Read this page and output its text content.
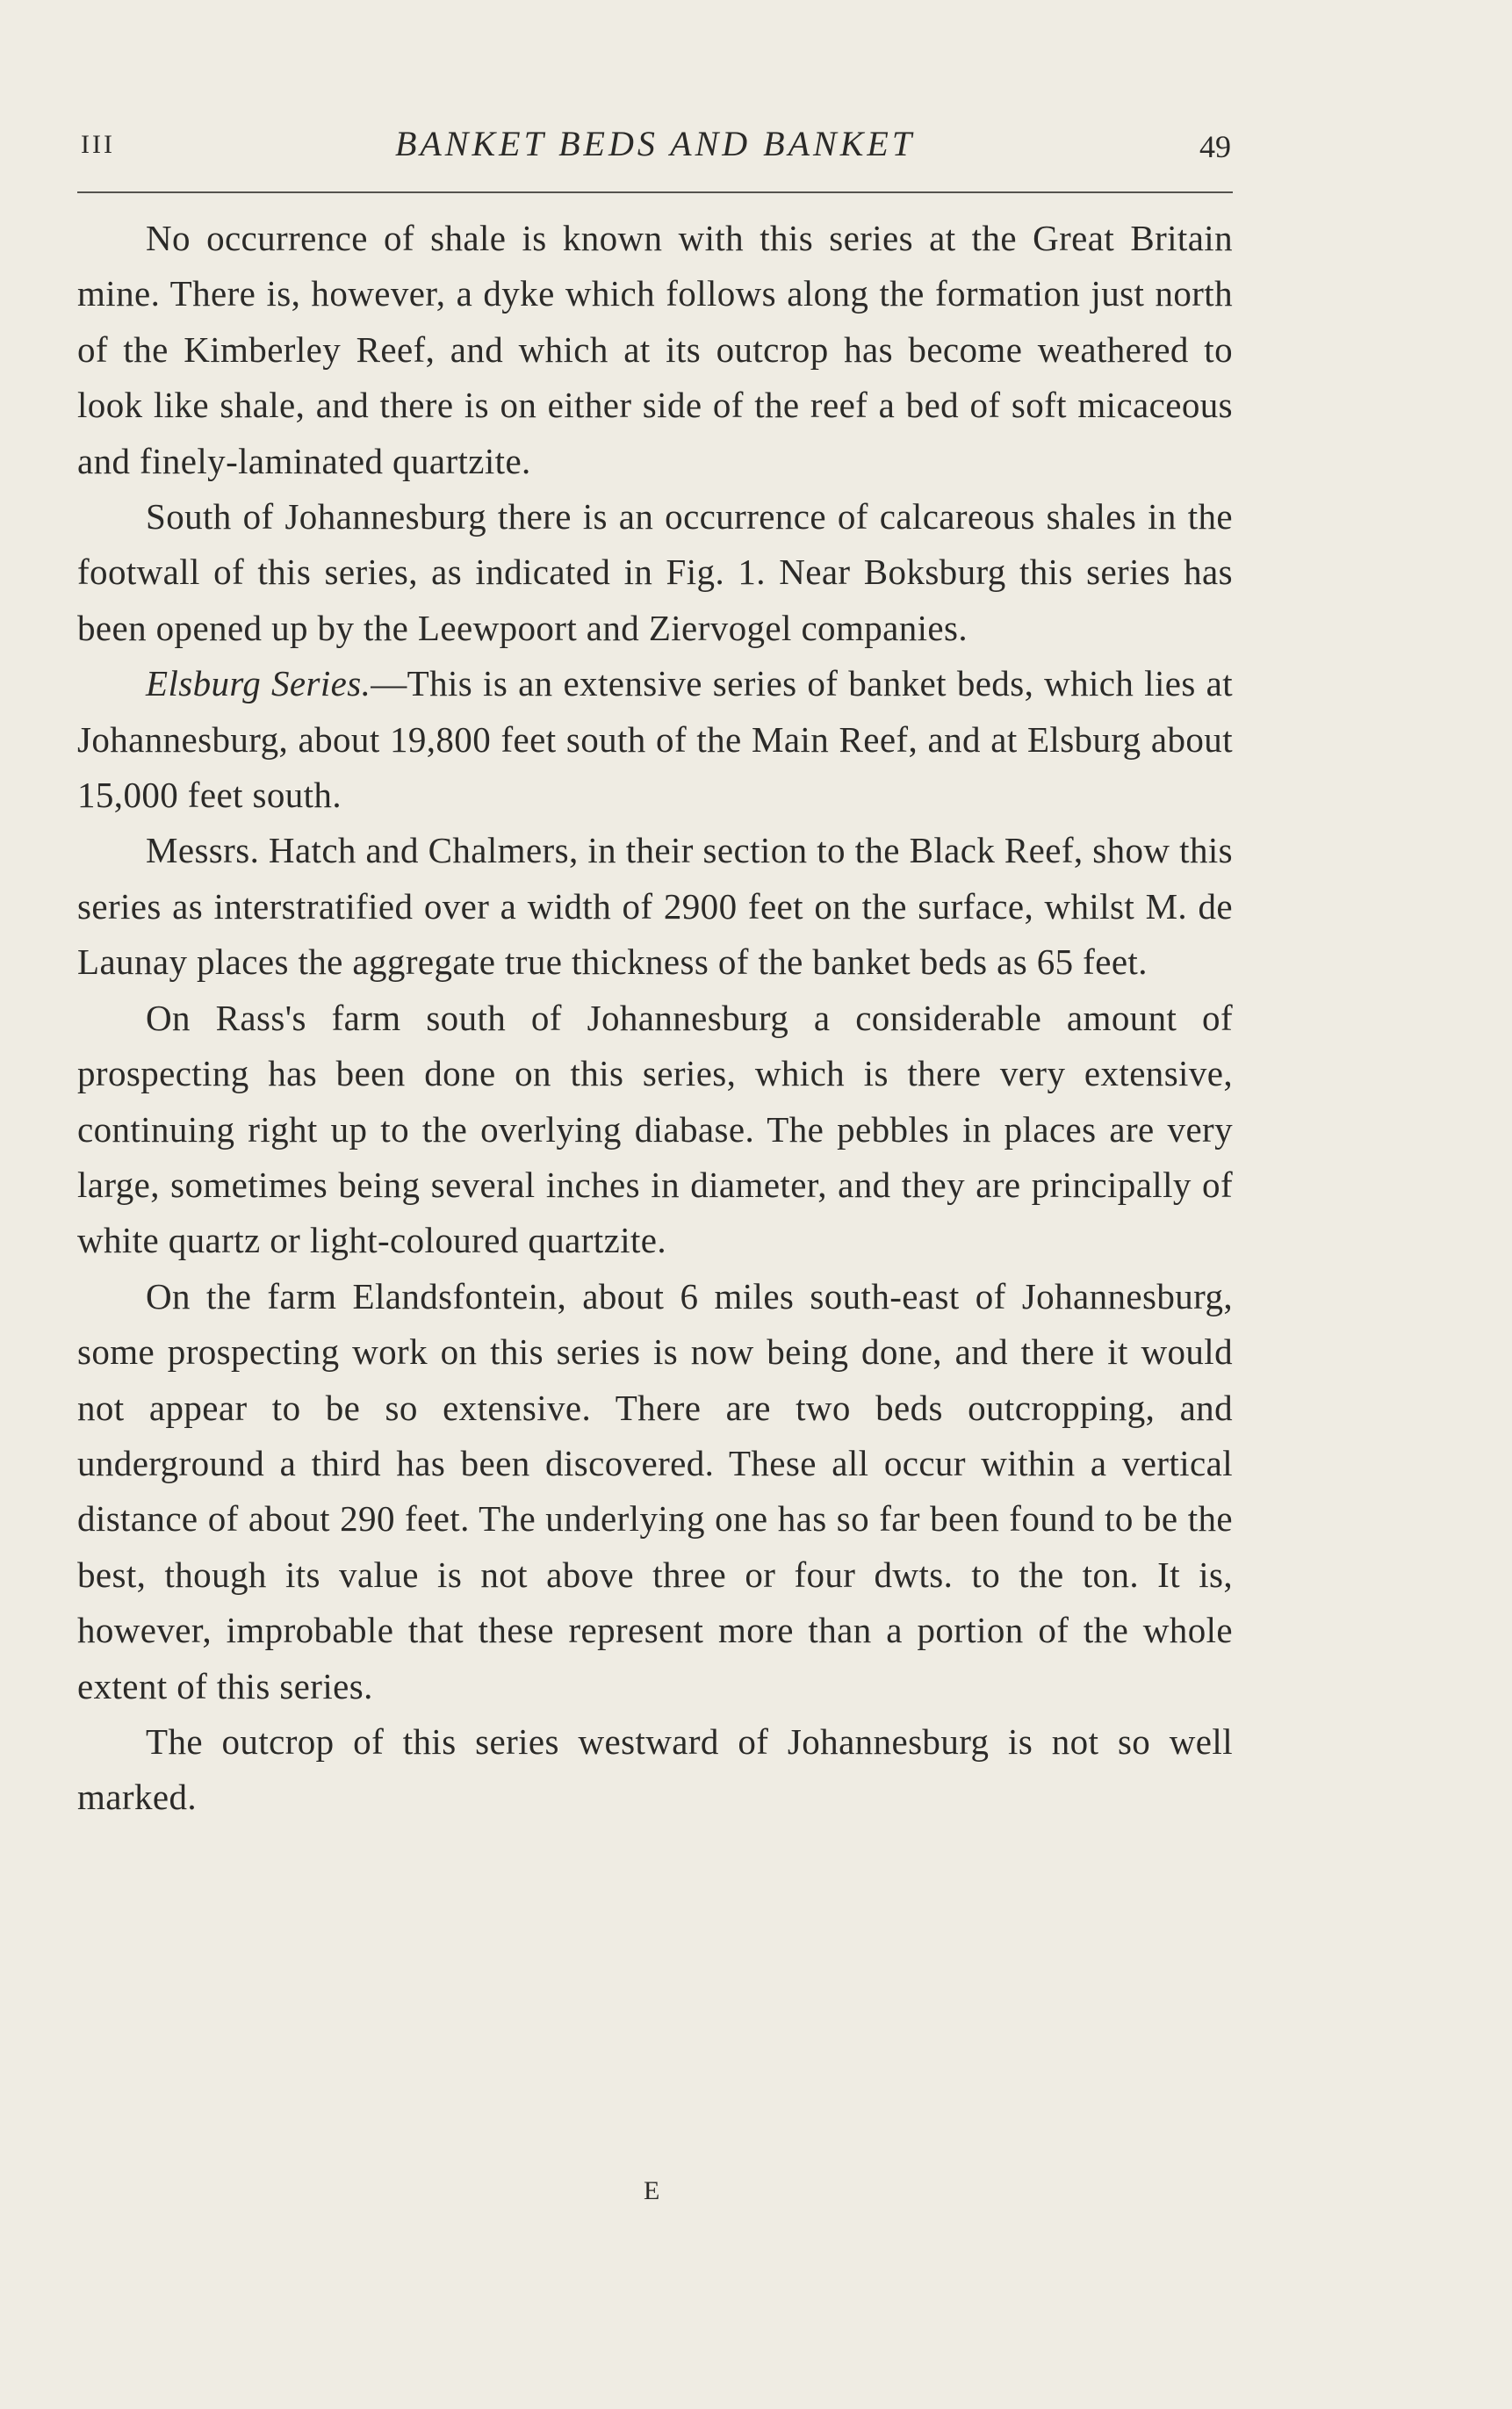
III	BANKET BEDS AND BANKET	49

No occurrence of shale is known with this series at the Great Britain mine. There is, however, a dyke which follows along the formation just north of the Kimberley Reef, and which at its outcrop has become weathered to look like shale, and there is on either side of the reef a bed of soft micaceous and finely-laminated quartzite.

South of Johannesburg there is an occurrence of calcareous shales in the footwall of this series, as indicated in Fig. 1. Near Boksburg this series has been opened up by the Leewpoort and Ziervogel companies.

Elsburg Series.—This is an extensive series of banket beds, which lies at Johannesburg, about 19,800 feet south of the Main Reef, and at Elsburg about 15,000 feet south.

Messrs. Hatch and Chalmers, in their section to the Black Reef, show this series as interstratified over a width of 2900 feet on the surface, whilst M. de Launay places the aggregate true thickness of the banket beds as 65 feet.

On Rass's farm south of Johannesburg a considerable amount of prospecting has been done on this series, which is there very extensive, continuing right up to the overlying diabase. The pebbles in places are very large, sometimes being several inches in diameter, and they are principally of white quartz or light-coloured quartzite.

On the farm Elandsfontein, about 6 miles south-east of Johannesburg, some prospecting work on this series is now being done, and there it would not appear to be so extensive. There are two beds outcropping, and underground a third has been discovered. These all occur within a vertical distance of about 290 feet. The underlying one has so far been found to be the best, though its value is not above three or four dwts. to the ton. It is, however, improbable that these represent more than a portion of the whole extent of this series.

The outcrop of this series westward of Johannesburg is not so well marked.

E
